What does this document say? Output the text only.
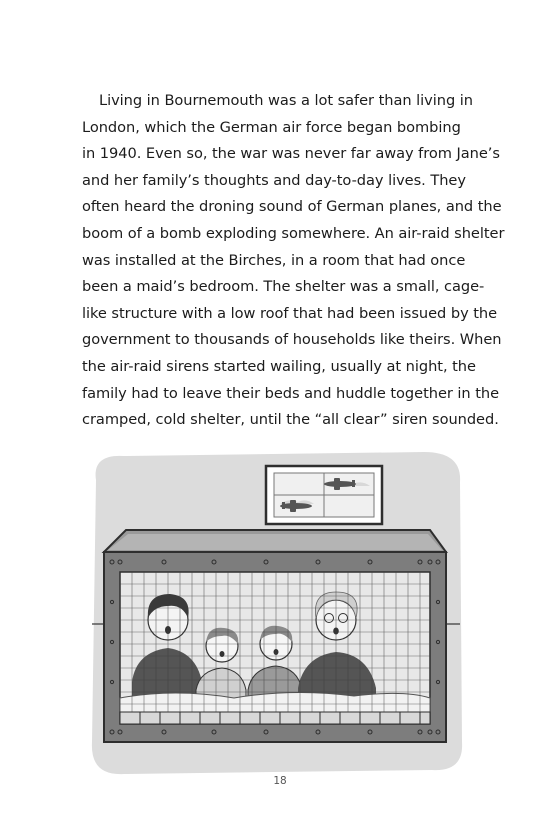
Living in Bournemouth was a lot safer than living in
London, which the German air force began bombing
in 1940. Even so, the war was never far away from Jane’s
and her family’s thoughts and day-to-day lives. They
often heard the droning sound of German planes, and the
boom of a bomb exploding somewhere. An air-raid shelter
was installed at the Birches, in a room that had once
been a maid’s bedroom. The shelter was a small, cage-
like structure with a low roof that had been issued by the
government to thousands of households like theirs. When
the air-raid sirens started wailing, usually at night, the
family had to leave their beds and huddle together in the
cramped, cold shelter, until the “all clear” siren sounded.
18
